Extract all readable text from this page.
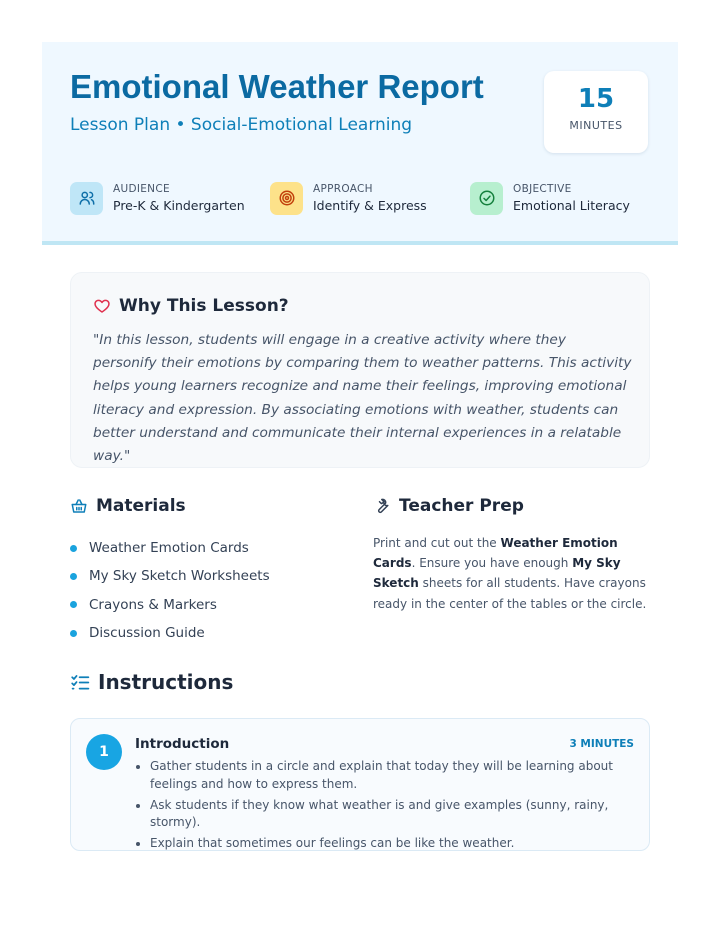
Emotional Weather Report
Lesson Plan • Social-Emotional Learning
15
MINUTES
AUDIENCE
Pre-K & Kindergarten
APPROACH
Identify & Express
OBJECTIVE
Emotional Literacy
Why This Lesson?

"In this lesson, students will engage in a creative activity where they personify their emotions by comparing them to weather patterns. This activity helps young learners recognize and name their feelings, improving emotional literacy and expression. By associating emotions with weather, students can better understand and communicate their internal experiences in a relatable way."

Materials
Weather Emotion Cards
My Sky Sketch Worksheets
Crayons & Markers
Discussion Guide
Teacher Prep

Print and cut out the Weather Emotion Cards. Ensure you have enough My Sky Sketch sheets for all students. Have crayons ready in the center of the tables or the circle.

Instructions
1	Introduction	3 MINUTES
Gather students in a circle and explain that today they will be learning about feelings and how to express them.
Ask students if they know what weather is and give examples (sunny, rainy, stormy).
Explain that sometimes our feelings can be like the weather.
